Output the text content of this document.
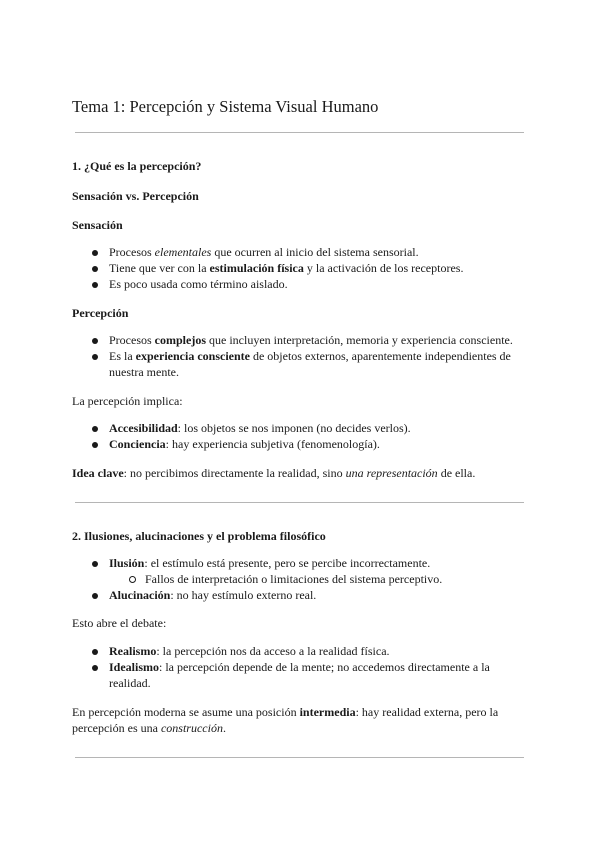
Tema 1: Percepción y Sistema Visual Humano
1. ¿Qué es la percepción?
Sensación vs. Percepción
Sensación
Procesos elementales que ocurren al inicio del sistema sensorial.
Tiene que ver con la estimulación física y la activación de los receptores.
Es poco usada como término aislado.
Percepción
Procesos complejos que incluyen interpretación, memoria y experiencia consciente.
Es la experiencia consciente de objetos externos, aparentemente independientes de
nuestra mente.
La percepción implica:
Accesibilidad: los objetos se nos imponen (no decides verlos).
Conciencia: hay experiencia subjetiva (fenomenología).
Idea clave: no percibimos directamente la realidad, sino una representación de ella.
2. Ilusiones, alucinaciones y el problema filosófico
Ilusión: el estímulo está presente, pero se percibe incorrectamente.
Fallos de interpretación o limitaciones del sistema perceptivo.
Alucinación: no hay estímulo externo real.
Esto abre el debate:
Realismo: la percepción nos da acceso a la realidad física.
Idealismo: la percepción depende de la mente; no accedemos directamente a la
realidad.
En percepción moderna se asume una posición intermedia: hay realidad externa, pero la
percepción es una construcción.
